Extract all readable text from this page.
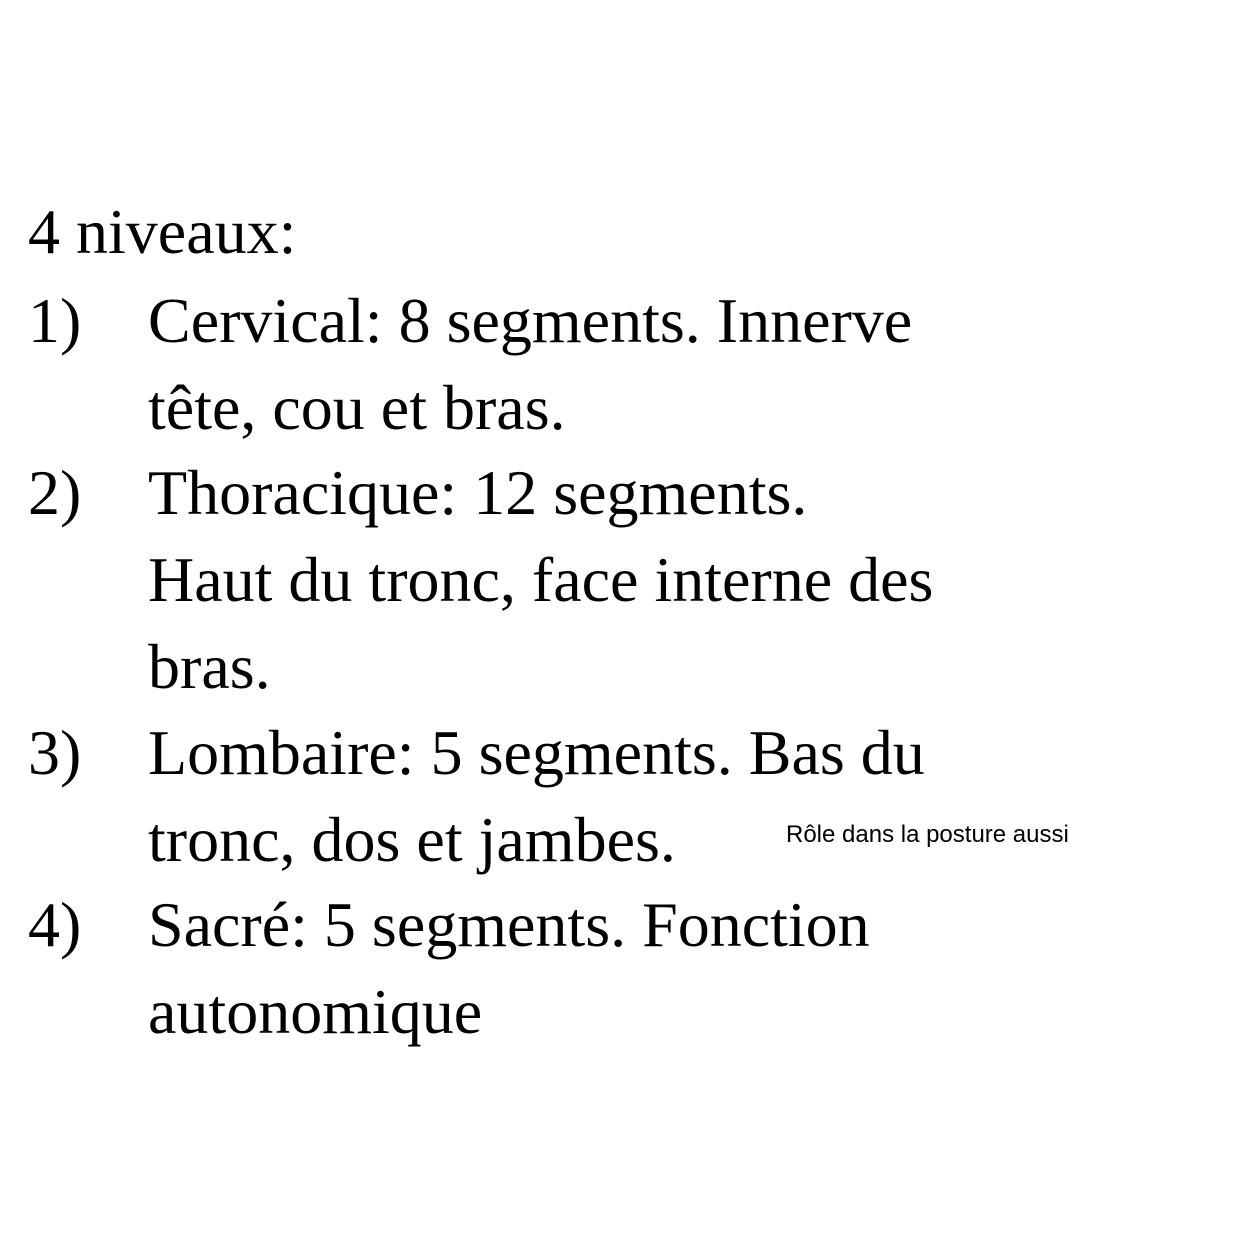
4 niveaux:
1) Cervical: 8 segments. Innerve
tête, cou et bras.
2) Thoracique: 12 segments.
Haut du tronc, face interne des
bras.
3) Lombaire: 5 segments. Bas du
tronc, dos et jambes.
4) Sacré: 5 segments. Fonction
autonomique
Rôle dans la posture aussi
